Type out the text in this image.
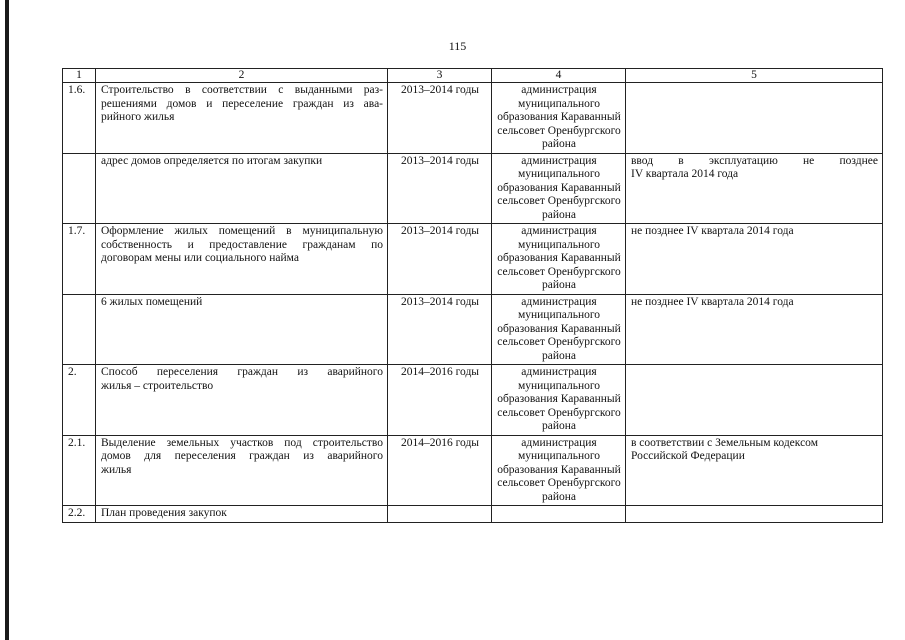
115
1	2	3	4	5
1.6.	Строительство в соответствии с выданными раз-
решениями домов и переселение граждан из ава-
рийного жилья	2013–2014 годы	администрация
муниципального
образования Караванный
сельсовет Оренбургского
района	

	адрес домов определяется по итогам закупки	2013–2014 годы	администрация
муниципального
образования Караванный
сельсовет Оренбургского
района	ввод в эксплуатацию не позднее
IV квартала 2014 года

1.7.	Оформление жилых помещений в муниципальную
собственность и предоставление гражданам по
договорам мены или социального найма	2013–2014 годы	администрация
муниципального
образования Караванный
сельсовет Оренбургского
района	не позднее IV квартала 2014 года

	6 жилых помещений	2013–2014 годы	администрация
муниципального
образования Караванный
сельсовет Оренбургского
района	не позднее IV квартала 2014 года

2.	Способ переселения граждан из аварийного
жилья – строительство	2014–2016 годы	администрация
муниципального
образования Караванный
сельсовет Оренбургского
района	

2.1.	Выделение земельных участков под строительство
домов для переселения граждан из аварийного
жилья	2014–2016 годы	администрация
муниципального
образования Караванный
сельсовет Оренбургского
района	в соответствии с Земельным кодексом
Российской Федерации

2.2.	План проведения закупок			
